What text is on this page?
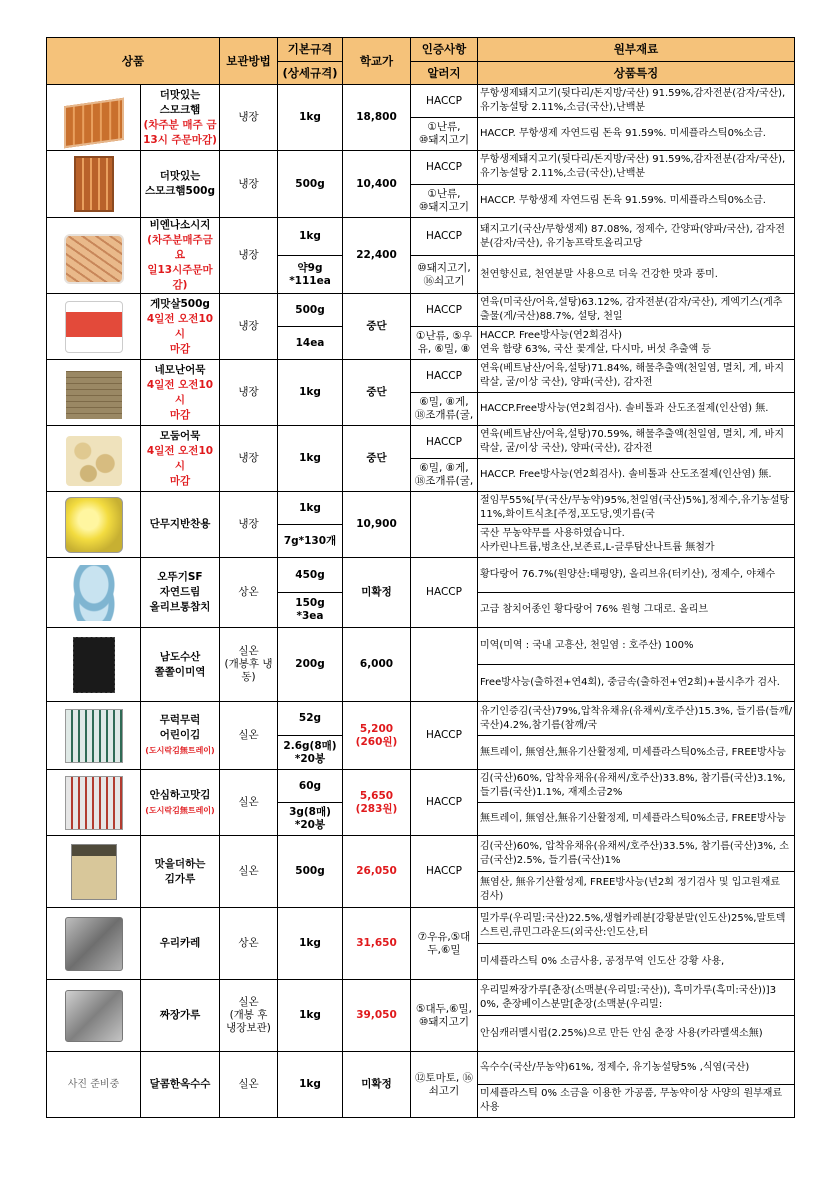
상품		보관방법	기본규격	학교가	인증사항	원부재료
			(상세규격)		알러지	상품특징

	더맛있는
스모크햄
(차주분 매주 금
13시 주문마감)	냉장	1kg	18,800	HACCP	무항생제돼지고기(뒷다리/돈지방/국산) 91.59%,감자전분(감자/국산),유기농설탕 2.11%,소금(국산),난백분
					①난류,
⑩돼지고기	HACCP. 무항생제 자연드림 돈육 91.59%. 미세플라스틱0%소금.

	더맛있는
스모크햄500g	냉장	500g	10,400	HACCP	무항생제돼지고기(뒷다리/돈지방/국산) 91.59%,감자전분(감자/국산),유기농설탕 2.11%,소금(국산),난백분
					①난류,
⑩돼지고기	HACCP. 무항생제 자연드림 돈육 91.59%. 미세플라스틱0%소금.

	비엔나소시지
(차주분매주금요
일13시주문마감)	냉장	1kg	22,400	HACCP	돼지고기(국산/무항생제) 87.08%, 정제수, 간양파(양파/국산), 감자전분(감자/국산), 유기농프락토올리고당
			약9g
*111ea		⑩돼지고기,
⑯쇠고기	천연향신료, 천연분말 사용으로 더욱 건강한 맛과 풍미.

	게맛살500g
4일전 오전10시
마감	냉장	500g	중단	HACCP	연육(미국산/어육,설탕)63.12%, 감자전분(감자/국산), 게엑기스(게추출물(게/국산)88.7%, 설탕, 천일
			14ea		①난류, ⑤우유, ⑥밀, ⑧	HACCP. Free방사능(연2회검사)
연육 함량 63%, 국산 꽃게살, 다시마, 버섯 추출액 등

	네모난어묵
4일전 오전10시
마감	냉장	1kg	중단	HACCP	연육(베트남산/어육,설탕)71.84%, 해물추출액(천일염, 멸치, 게, 바지락살, 굴/이상 국산), 양파(국산), 감자전
					⑥밀, ⑧게,
⑱조개류(굴,	HACCP.Free방사능(연2회검사). 솔비톨과 산도조절제(인산염) 無.

	모둠어묵
4일전 오전10시
마감	냉장	1kg	중단	HACCP	연육(베트남산/어육,설탕)70.59%, 해물추출액(천일염, 멸치, 게, 바지락살, 굴/이상 국산), 양파(국산), 감자전
					⑥밀, ⑧게,
⑱조개류(굴,	HACCP. Free방사능(연2회검사). 솔비톨과 산도조절제(인산염) 無.

	단무지반찬용	냉장	1kg	10,900		절임무55%[무(국산/무농약)95%,천일염(국산)5%],정제수,유기농설탕11%,화이트식초[주정,포도당,옛기름(국
			7g*130개			국산 무농약무를 사용하였습니다.
사카린나트륨,벙초산,보존료,L-글루탐산나트륨 無첨가

	오뚜기SF
자연드림
올리브통참치	상온	450g	미확정	HACCP	황다랑어 76.7%(원양산:태평양), 올리브유(터키산), 정제수, 야채수
			150g
*3ea			고급 참치어종인 황다랑어 76% 원형 그대로. 올리브

	남도수산
쫄쫄이미역	실온
(개봉후 냉동)	200g	6,000		미역(미역 : 국내 고흥산, 천일염 : 호주산) 100%
						Free방사능(출하전+연4회), 중금속(출하전+연2회)+불시추가 검사.

	무럭무럭
어린이김
(도시락김無트레이)	실온	52g	5,200
(260원)	HACCP	유기인증김(국산)79%,압착유채유(유채씨/호주산)15.3%, 들기름(들깨/국산)4.2%,참기름(참깨/국
			2.6g(8매)
*20봉			無트레이, 無염산,無유기산활정제, 미세플라스틱0%소금, FREE방사능

	안심하고맛김
(도시락김無트레이)	실온	60g	5,650
(283원)	HACCP	김(국산)60%, 압착유채유(유채씨/호주산)33.8%, 참기름(국산)3.1%, 들기름(국산)1.1%, 재제소금2%
			3g(8매)
*20봉			無트레이, 無염산,無유기산활정제, 미세플라스틱0%소금, FREE방사능

	맛을더하는
김가루	실온	500g	26,050	HACCP	김(국산)60%, 압착유채유(유채씨/호주산)33.5%, 참기름(국산)3%, 소금(국산)2.5%, 들기름(국산)1%
						無염산, 無유기산활성제, FREE방사능(년2회 정기검사 및 입고원재료 검사)

	우리카레	상온	1kg	31,650	⑦우유,⑤대두,⑥밀	밀가루(우리밀:국산)22.5%,생협카레분[강황분말(인도산)25%,말토덱스트린,큐민그라운드(외국산:인도산,터
						미세플라스틱 0% 소금사용, 공정무역 인도산 강황 사용,

	짜장가루	실온
(개봉 후
냉장보관)	1kg	39,050	⑤대두,⑥밀,
⑩돼지고기	우리밀짜장가루[춘장(소맥분(우리밀:국산)), 흑미가루(흑미:국산))]30%, 춘장베이스분말[춘장(소맥분(우리밀:
						안심캐러멜시럽(2.25%)으로 만든 안심 춘장 사용(카라멜색소無)
사진 준비중	달콤한옥수수	실온	1kg	미확정	⑫토마토, ⑯
쇠고기	옥수수(국산/무농약)61%, 정제수, 유기농설탕5% ,식염(국산)
						미세플라스틱 0% 소금을 이용한 가공품, 무농약이상 사양의 원부재료 사용
